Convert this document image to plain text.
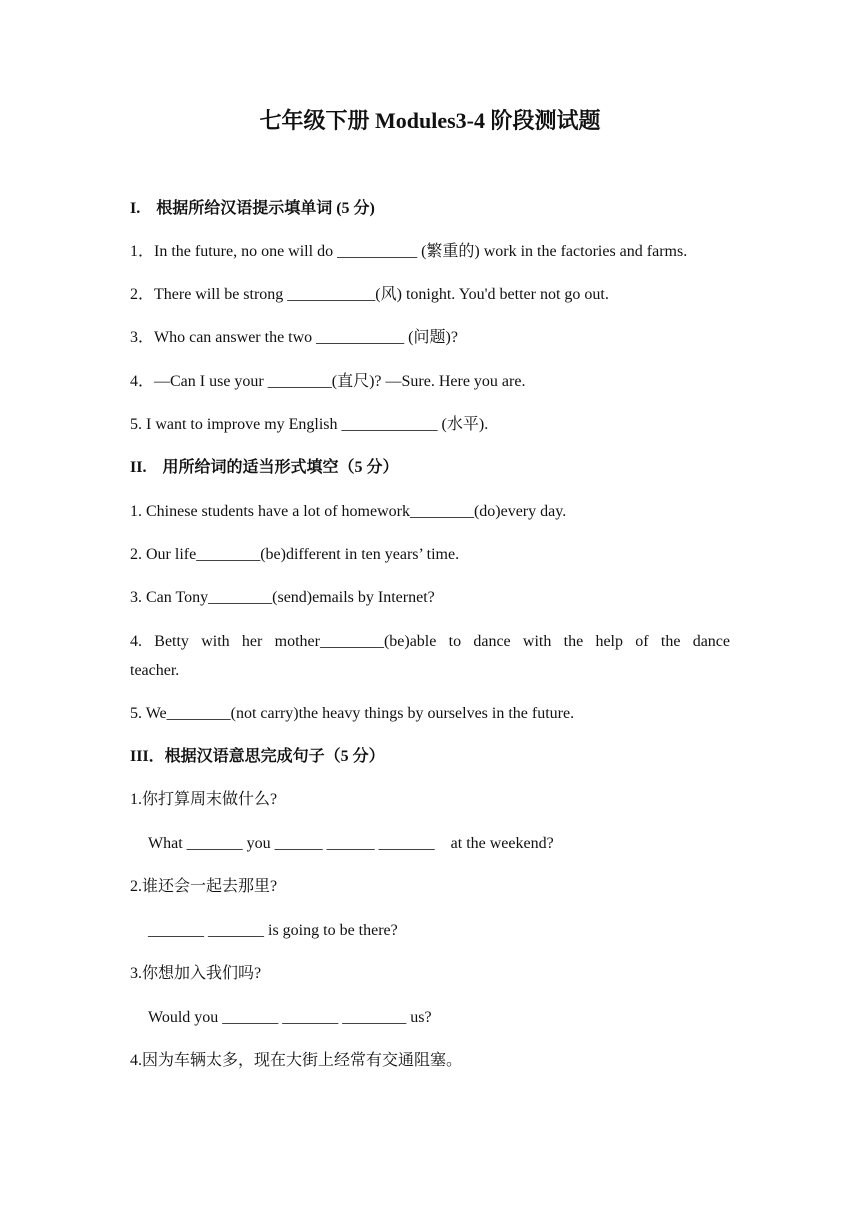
七年级下册 Modules3-4 阶段测试题
I.　根据所给汉语提示填单词 (5 分)
1．In the future, no one will do __________ (繁重的) work in the factories and farms.
2．There will be strong ___________(风) tonight. You'd better not go out.
3．Who can answer the two ___________ (问题)?
4．—Can I use your ________(直尺)? —Sure. Here you are.
5. I want to improve my English ____________ (水平).
II.　用所给词的适当形式填空（5 分）
1. Chinese students have a lot of homework________(do)every day.
2. Our life________(be)different in ten years’ time.
3. Can Tony________(send)emails by Internet?
4. Betty with her mother________(be)able to dance with the help of the dance
teacher.
5. We________(not carry)the heavy things by ourselves in the future.
III．根据汉语意思完成句子（5 分）
1.你打算周末做什么?
What _______ you ______ ______ _______　at the weekend?
2.谁还会一起去那里?
_______ _______ is going to be there?
3.你想加入我们吗?
Would you _______ _______ ________ us?
4.因为车辆太多，现在大街上经常有交通阻塞。
